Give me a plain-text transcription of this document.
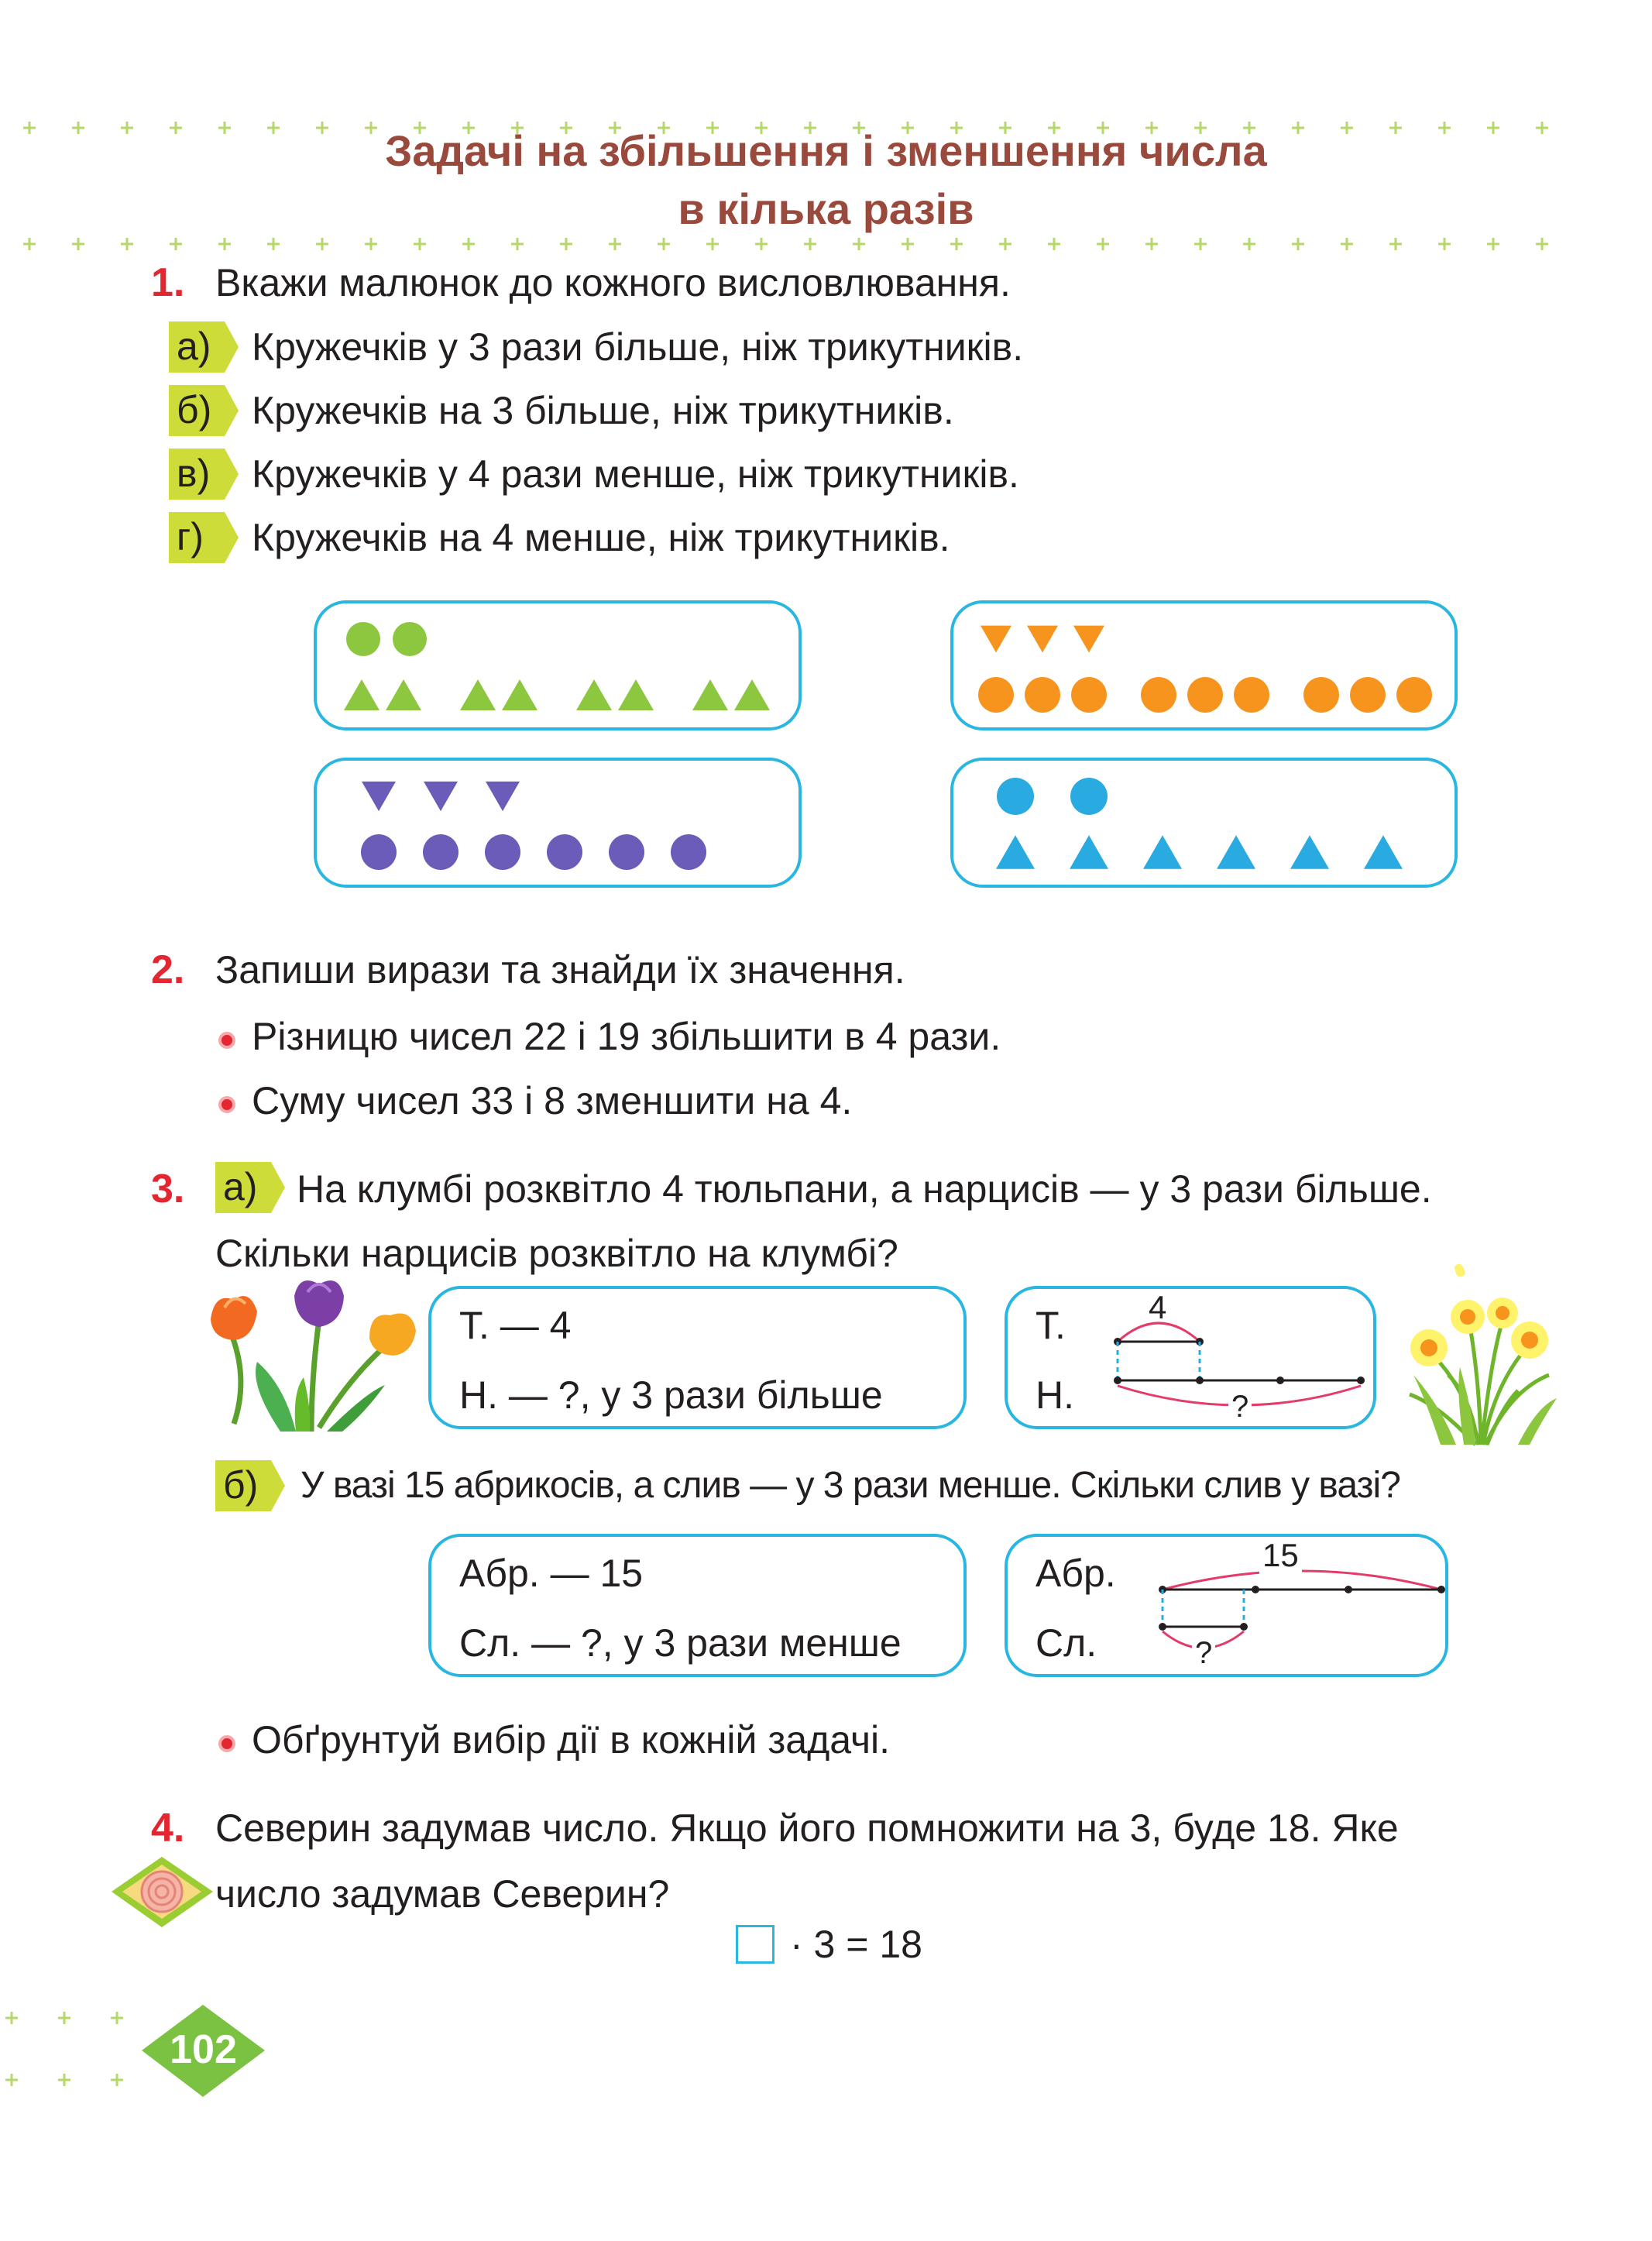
Задачі на збільшення і зменшення числа
в кілька разів
1. Вкажи малюнок до кожного висловлювання.
а)	Кружечків у 3 рази більше, ніж трикутників.
б)	Кружечків на 3 більше, ніж трикутників.
в)	Кружечків у 4 рази менше, ніж трикутників.
г)	Кружечків на 4 менше, ніж трикутників.
2. Запиши вирази та знайди їх значення.
Різницю чисел 22 і 19 збільшити в 4 рази.
Суму чисел 33 і 8 зменшити на 4.
3. а)	На клумбі розквітло 4 тюльпани, а нарцисів — у 3 рази більше.
Скільки нарцисів розквітло на клумбі?
Т. — 4
Н. — ?, у 3 рази більше
Т.
Н.
4
?
б)	У вазі 15 абрикосів, а слив — у 3 рази менше. Скільки слив у вазі?
Абр. — 15
Сл. — ?, у 3 рази менше
Абр.
Сл.
15
?
Обґрунтуй вибір дії в кожній задачі.
4. Северин задумав число. Якщо його помножити на 3, буде 18. Яке
число задумав Северин?
· 3 = 18
102
